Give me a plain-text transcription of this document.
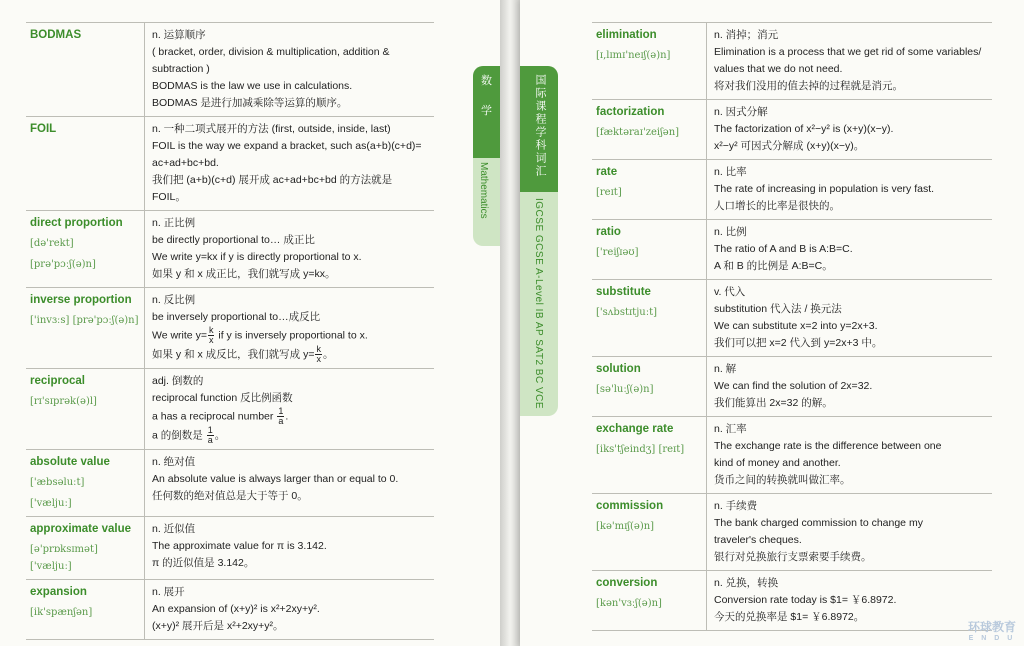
BODMAS	n. 运算顺序
( bracket, order, division & multiplication, addition &
subtraction )
BODMAS is the law we use in calculations.
BODMAS 是进行加减乘除等运算的顺序。
FOIL	n. 一种二项式展开的方法 (first, outside, inside, last)
FOIL is the way we expand a bracket, such as(a+b)(c+d)=
ac+ad+bc+bd.
我们把 (a+b)(c+d) 展开成 ac+ad+bc+bd 的方法就是 FOIL。
direct proportion
[də'rekt]
[prə'pɔːʃ(ə)n]
n. 正比例
be directly proportional to… 成正比
We write y=kx if y is directly proportional to x.
如果 y 和 x 成正比，我们就写成 y=kx。
inverse proportion
['invɜːs] [prə'pɔːʃ(ə)n]
n. 反比例
be inversely proportional to…成反比
We write $y= \frac{k}{x}$ if y is inversely proportional to x.
如果 y 和 x 成反比，我们就写成 $y= \frac{k}{x}$ 。
reciprocal
[rɪ'sɪprək(ə)l]
adj. 倒数的
reciprocal function 反比例函数
a has a reciprocal number $\frac{1}{a}$ .
a 的倒数是 $\frac{1}{a}$ 。
absolute value
['æbsəluːt]
['væljuː]
n. 绝对值
An absolute value is always larger than or equal to 0.
任何数的绝对值总是大于等于 0。
approximate value
[ə'prɒksɪmət] ['væljuː]
n. 近似值
The approximate value for π is 3.142.
π 的近似值是 3.142。
expansion
[ik'spænʃən]
n. 展开
An expansion of (x+y)² is x²+2xy+y².
(x+y)² 展开后是 x²+2xy+y²。
数
学
Mathematics
国际课程学科词汇
IGCSE GCSE A-Level IB AP SAT2 BC VCE
elimination
[ɪ,lɪmɪ'neɪʃ(ə)n]
n. 消掉；消元
Elimination is a process that we get rid of some variables/
values that we do not need.
将对我们没用的值去掉的过程就是消元。
factorization
[fæktəraɪ'zeiʃən]
n. 因式分解
The factorization of x²−y² is (x+y)(x−y).
x²−y² 可因式分解成 (x+y)(x−y)。
rate
[reɪt]
n. 比率
The rate of increasing in population is very fast.
人口增长的比率是很快的。
ratio
['reiʃɪəʊ]
n. 比例
The ratio of A and B is A:B=C.
A 和 B 的比例是 A:B=C。
substitute
['sʌbstɪtjuːt]
v. 代入
substitution 代入法 / 换元法
We can substitute x=2 into y=2x+3.
我们可以把 x=2 代入到 y=2x+3 中。
solution
[sə'luːʃ(ə)n]
n. 解
We can find the solution of 2x=32.
我们能算出 2x=32 的解。
exchange rate
[iks'tʃeindʒ] [reɪt]
n. 汇率
The exchange rate is the difference between one
kind of money and another.
货币之间的转换就叫做汇率。
commission
[kə'mɪʃ(ə)n]
n. 手续费
The bank charged commission to change my
traveler's cheques.
银行对兑换旅行支票索要手续费。
conversion
[kən'vɜːʃ(ə)n]
n. 兑换，转换
Conversion rate today is $1= ￥6.8972.
今天的兑换率是 $1= ￥6.8972。
环球教育
E N D U
